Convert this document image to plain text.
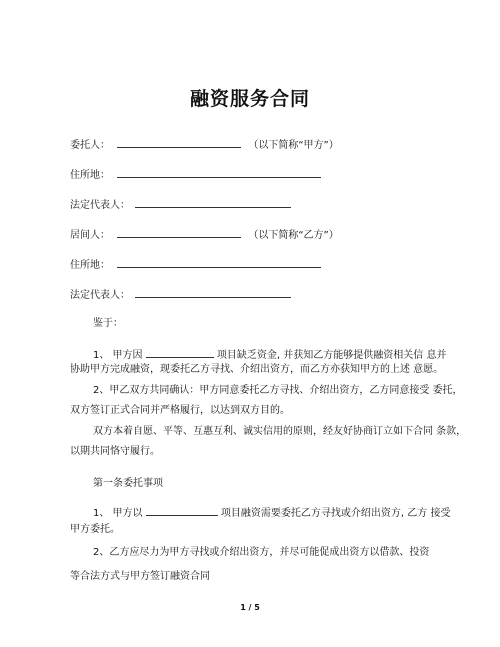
融资服务合同
委托人：	（以下简称“甲方”）
住所地：
法定代表人：
居间人：	（以下简称“乙方”）
住所地：
法定代表人：
鉴于：
1、 甲方因	项目缺乏资金, 并获知乙方能够提供融资相关信 息并
协助甲方完成融资，现委托乙方寻找、介绍出资方，而乙方亦获知甲方的上述 意愿。
2、甲乙双方共同确认：甲方同意委托乙方寻找、介绍出资方，乙方同意接受 委托，
双方签订正式合同并严格履行，以达到双方目的。
双方本着自愿、平等、互惠互利、诚实信用的原则，经友好协商订立如下合同 条款，
以期共同恪守履行。
第一条委托事项
1、 甲方以	项目融资需要委托乙方寻找或介绍出资方, 乙方 接受
甲方委托。
2、乙方应尽力为甲方寻找或介绍出资方，并尽可能促成出资方以借款、投资
等合法方式与甲方签订融资合同
1 / 5
